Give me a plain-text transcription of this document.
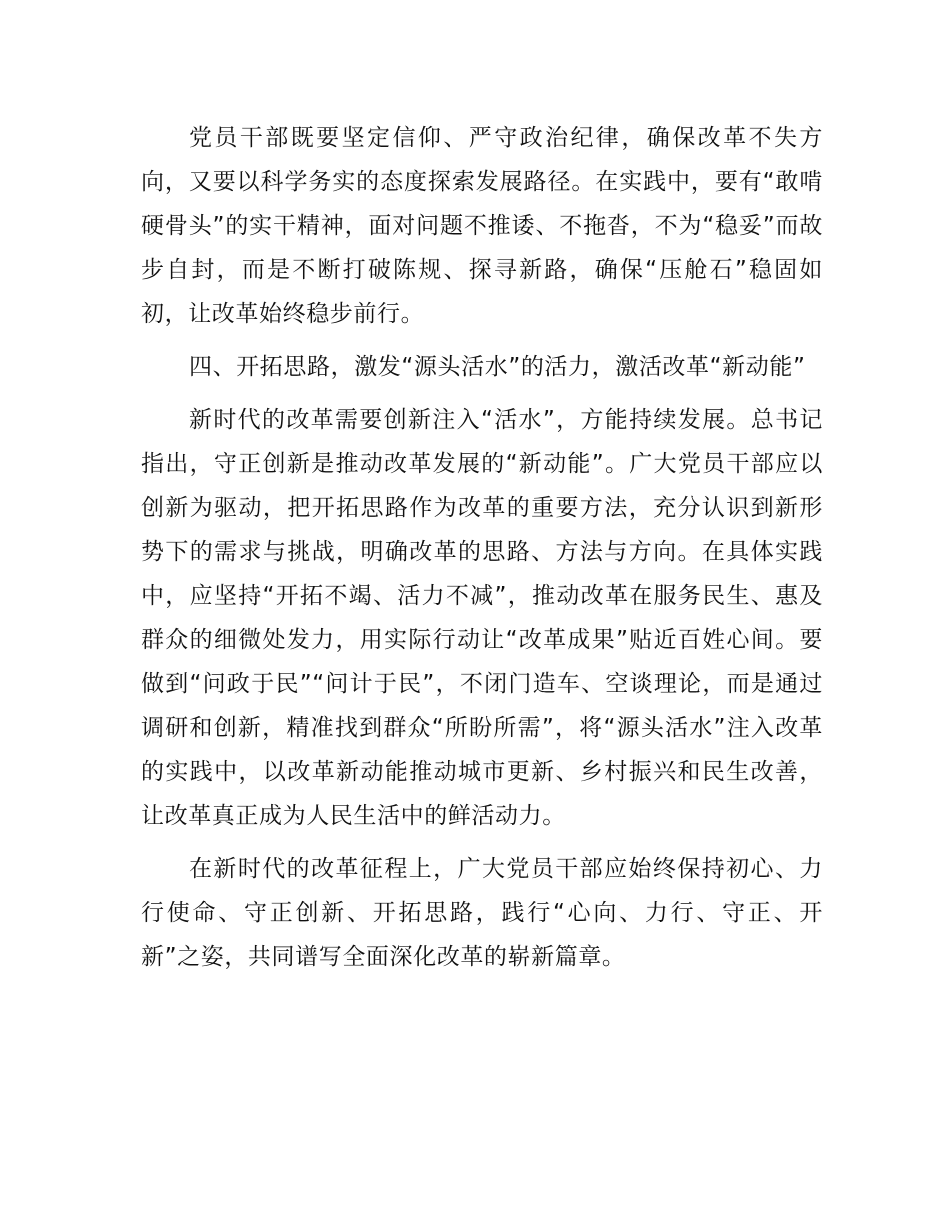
党员干部既要坚定信仰、严守政治纪律，确保改革不失方向，又要以科学务实的态度探索发展路径。在实践中，要有“敢啃硬骨头”的实干精神，面对问题不推诿、不拖沓，不为“稳妥”而故步自封，而是不断打破陈规、探寻新路，确保“压舱石”稳固如初，让改革始终稳步前行。

四、开拓思路，激发“源头活水”的活力，激活改革“新动能”

新时代的改革需要创新注入“活水”，方能持续发展。总书记指出，守正创新是推动改革发展的“新动能”。广大党员干部应以创新为驱动，把开拓思路作为改革的重要方法，充分认识到新形势下的需求与挑战，明确改革的思路、方法与方向。在具体实践中，应坚持“开拓不竭、活力不减”，推动改革在服务民生、惠及群众的细微处发力，用实际行动让“改革成果”贴近百姓心间。要做到“问政于民”“问计于民”，不闭门造车、空谈理论，而是通过调研和创新，精准找到群众“所盼所需”，将“源头活水”注入改革的实践中，以改革新动能推动城市更新、乡村振兴和民生改善，让改革真正成为人民生活中的鲜活动力。

在新时代的改革征程上，广大党员干部应始终保持初心、力行使命、守正创新、开拓思路，践行“心向、力行、守正、开新”之姿，共同谱写全面深化改革的崭新篇章。
